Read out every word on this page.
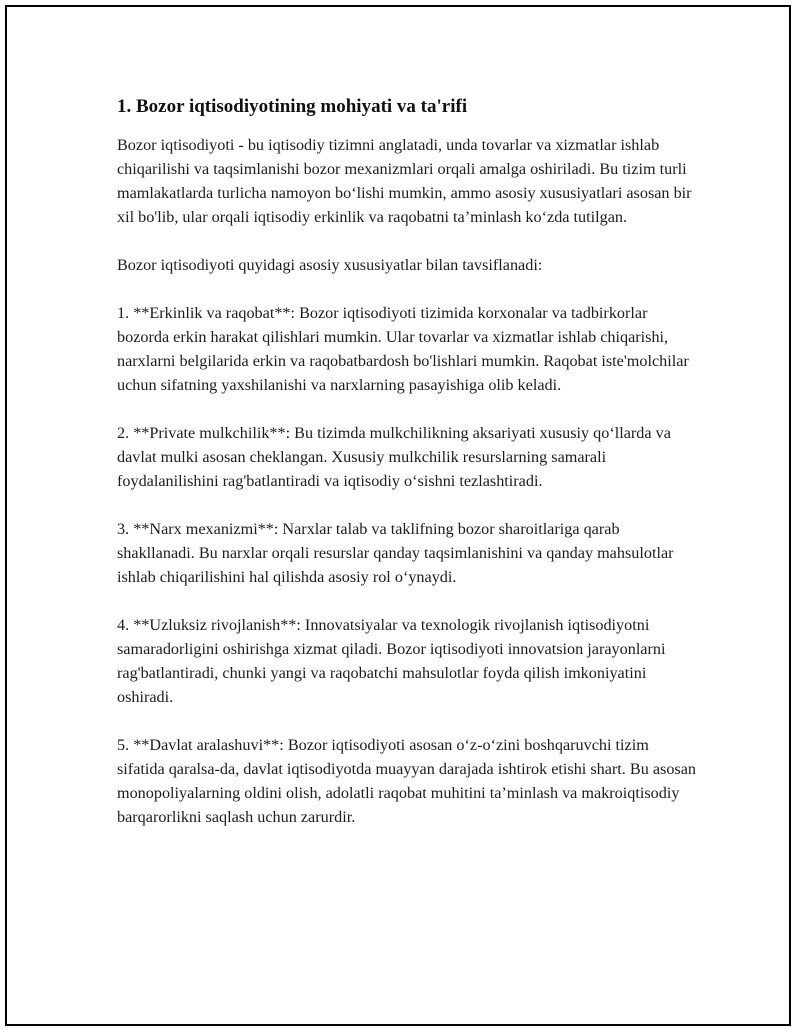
1. Bozor iqtisodiyotining mohiyati va ta'rifi

Bozor iqtisodiyoti - bu iqtisodiy tizimni anglatadi, unda tovarlar va xizmatlar ishlab chiqarilishi va taqsimlanishi bozor mexanizmlari orqali amalga oshiriladi. Bu tizim turli mamlakatlarda turlicha namoyon boʻlishi mumkin, ammo asosiy xususiyatlari asosan bir xil bo'lib, ular orqali iqtisodiy erkinlik va raqobatni taʼminlash koʻzda tutilgan.

Bozor iqtisodiyoti quyidagi asosiy xususiyatlar bilan tavsiflanadi:

1. **Erkinlik va raqobat**: Bozor iqtisodiyoti tizimida korxonalar va tadbirkorlar bozorda erkin harakat qilishlari mumkin. Ular tovarlar va xizmatlar ishlab chiqarishi, narxlarni belgilarida erkin va raqobatbardosh bo'lishlari mumkin. Raqobat iste'molchilar uchun sifatning yaxshilanishi va narxlarning pasayishiga olib keladi.

2. **Private mulkchilik**: Bu tizimda mulkchilikning aksariyati xususiy qoʻllarda va davlat mulki asosan cheklangan. Xususiy mulkchilik resurslarning samarali foydalanilishini rag'batlantiradi va iqtisodiy oʻsishni tezlashtiradi.

3. **Narx mexanizmi**: Narxlar talab va taklifning bozor sharoitlariga qarab shakllanadi. Bu narxlar orqali resurslar qanday taqsimlanishini va qanday mahsulotlar ishlab chiqarilishini hal qilishda asosiy rol oʻynaydi.

4. **Uzluksiz rivojlanish**: Innovatsiyalar va texnologik rivojlanish iqtisodiyotni samaradorligini oshirishga xizmat qiladi. Bozor iqtisodiyoti innovatsion jarayonlarni rag'batlantiradi, chunki yangi va raqobatchi mahsulotlar foyda qilish imkoniyatini oshiradi.

5. **Davlat aralashuvi**: Bozor iqtisodiyoti asosan oʻz-oʻzini boshqaruvchi tizim sifatida qaralsa-da, davlat iqtisodiyotda muayyan darajada ishtirok etishi shart. Bu asosan monopoliyalarning oldini olish, adolatli raqobat muhitini taʼminlash va makroiqtisodiy barqarorlikni saqlash uchun zarurdir.
